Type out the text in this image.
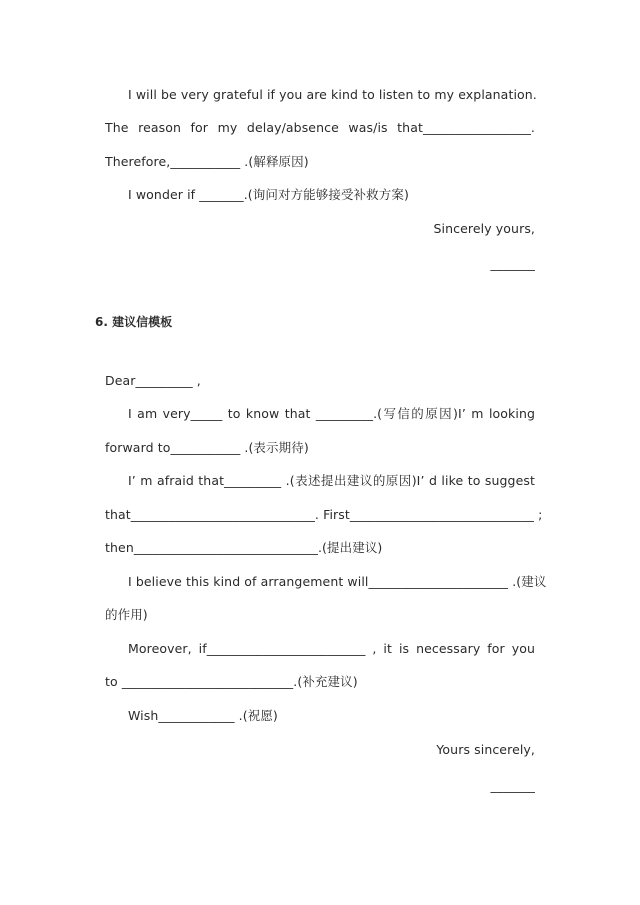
I will be very grateful if you are kind to listen to my explanation.
The reason for my delay/absence was/is that_________________.
Therefore,___________ .(解释原因)
I wonder if _______.(询问对方能够接受补救方案)
Sincerely yours,
_______
6. 建议信模板
Dear_________ ,
I am very_____ to know that _________.(写信的原因)I’ m looking
forward to___________ .(表示期待)
I’ m afraid that_________ .(表述提出建议的原因)I’ d like to suggest
that_____________________________. First_____________________________ ;
then_____________________________.(提出建议)
I believe this kind of arrangement will______________________ .(建议
的作用)
Moreover, if_________________________ , it is necessary for you
to ___________________________.(补充建议)
Wish____________ .(祝愿)
Yours sincerely,
_______
